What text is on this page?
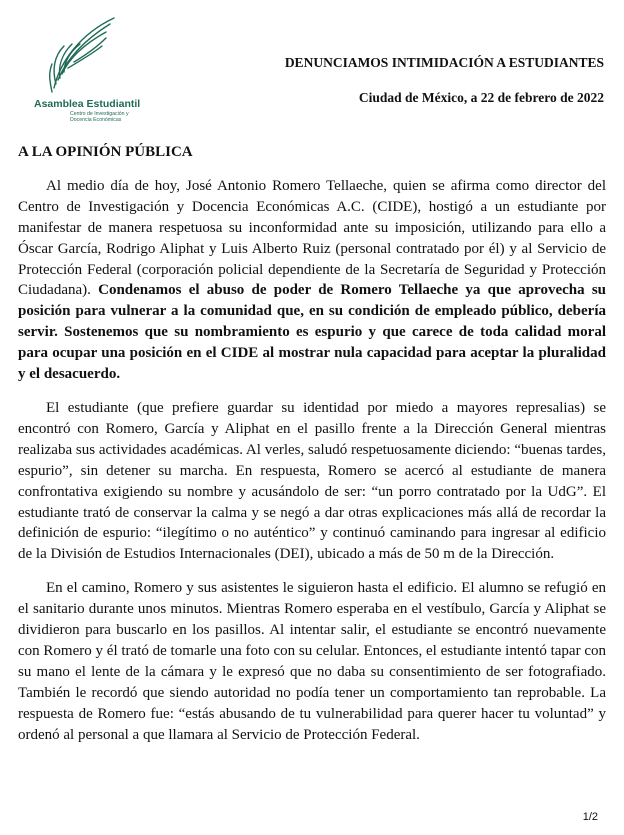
Asamblea Estudiantil
Centro de Investigación y Docencia Económicas
DENUNCIAMOS INTIMIDACIÓN A ESTUDIANTES
Ciudad de México, a 22 de febrero de 2022

A LA OPINIÓN PÚBLICA

Al medio día de hoy, José Antonio Romero Tellaeche, quien se afirma como director del Centro de Investigación y Docencia Económicas A.C. (CIDE), hostigó a un estudiante por manifestar de manera respetuosa su inconformidad ante su imposición, utilizando para ello a Óscar García, Rodrigo Aliphat y Luis Alberto Ruiz (personal contratado por él) y al Servicio de Protección Federal (corporación policial dependiente de la Secretaría de Seguridad y Protección Ciudadana). Condenamos el abuso de poder de Romero Tellaeche ya que aprovecha su posición para vulnerar a la comunidad que, en su condición de empleado público, debería servir. Sostenemos que su nombramiento es espurio y que carece de toda calidad moral para ocupar una posición en el CIDE al mostrar nula capacidad para aceptar la pluralidad y el desacuerdo.

El estudiante (que prefiere guardar su identidad por miedo a mayores represalias) se encontró con Romero, García y Aliphat en el pasillo frente a la Dirección General mientras realizaba sus actividades académicas. Al verles, saludó respetuosamente diciendo: “buenas tardes, espurio”, sin detener su marcha. En respuesta, Romero se acercó al estudiante de manera confrontativa exigiendo su nombre y acusándolo de ser: “un porro contratado por la UdG”. El estudiante trató de conservar la calma y se negó a dar otras explicaciones más allá de recordar la definición de espurio: “ilegítimo o no auténtico” y continuó caminando para ingresar al edificio de la División de Estudios Internacionales (DEI), ubicado a más de 50 m de la Dirección.

En el camino, Romero y sus asistentes le siguieron hasta el edificio. El alumno se refugió en el sanitario durante unos minutos. Mientras Romero esperaba en el vestíbulo, García y Aliphat se dividieron para buscarlo en los pasillos. Al intentar salir, el estudiante se encontró nuevamente con Romero y él trató de tomarle una foto con su celular. Entonces, el estudiante intentó tapar con su mano el lente de la cámara y le expresó que no daba su consentimiento de ser fotografiado. También le recordó que siendo autoridad no podía tener un comportamiento tan reprobable. La respuesta de Romero fue: “estás abusando de tu vulnerabilidad para querer hacer tu voluntad” y ordenó al personal a que llamara al Servicio de Protección Federal.

1/2
